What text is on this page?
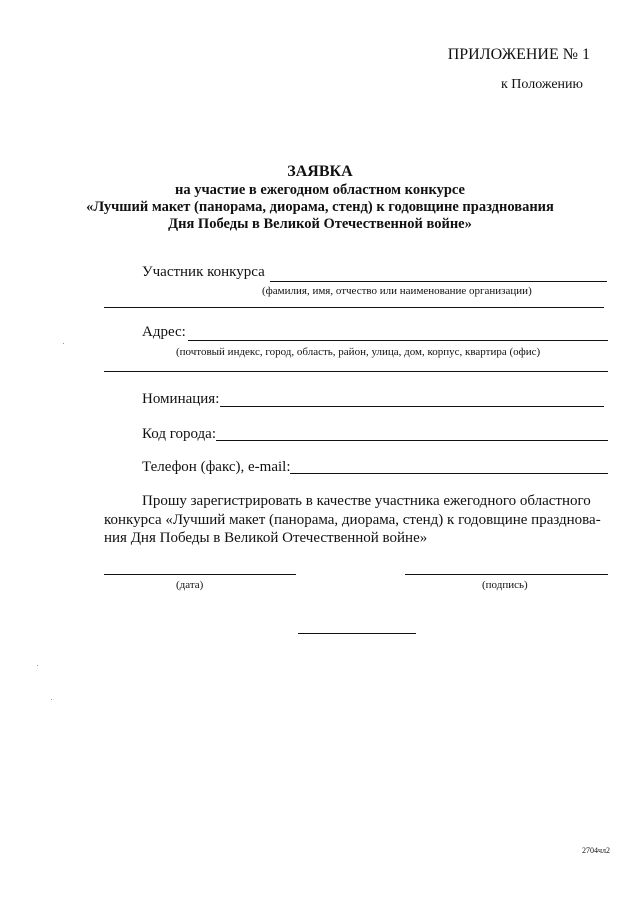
ПРИЛОЖЕНИЕ № 1
к Положению
ЗАЯВКА
на участие в ежегодном областном конкурсе
«Лучший макет (панорама, диорама, стенд) к годовщине празднования
Дня Победы в Великой Отечественной войне»
Участник конкурса
(фамилия, имя, отчество или наименование организации)
Адрес:
(почтовый индекс, город, область, район, улица, дом, корпус, квартира (офис)
Номинация:
Код города:
Телефон (факс), e-mail:
Прошу зарегистрировать в качестве участника ежегодного областного
конкурса «Лучший макет (панорама, диорама, стенд) к годовщине празднова-
ния Дня Победы в Великой Отечественной войне»
(дата)	(подпись)
2704чл2
